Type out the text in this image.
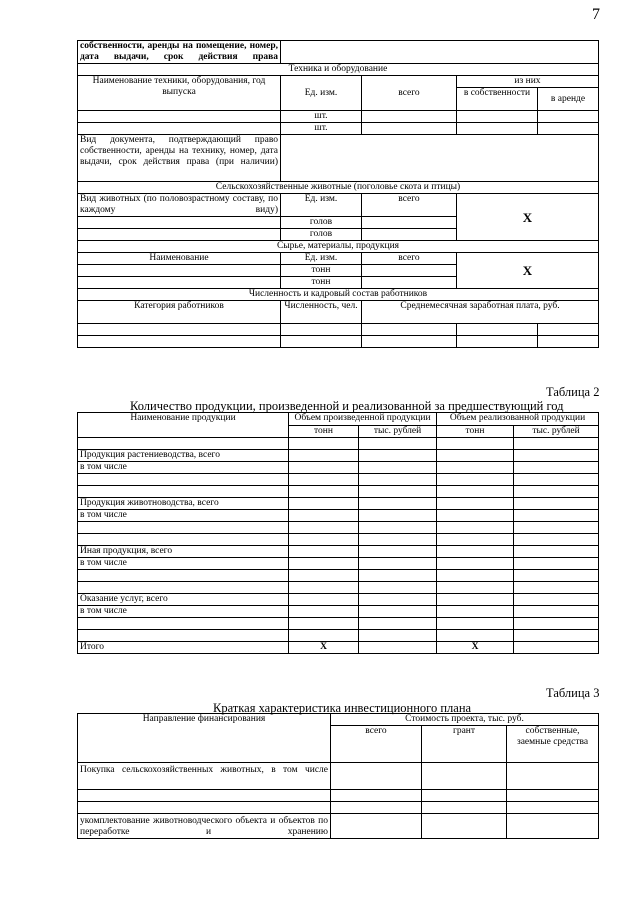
7
собственности, аренды на помещение, номер, дата выдачи, срок действия права				
Техника и оборудование				
Наименование техники, оборудования, год выпуска	Ед. изм.	всего	из них	
			в собственности	в аренде
	шт.			
	шт.			
Вид документа, подтверждающий право собственности, аренды на технику, номер, дата выдачи, срок действия права (при наличии)				
Сельскохозяйственные животные (поголовье скота и птицы)				
Вид животных (по половозрастному составу, по каждому виду)	Ед. изм.	всего	X	
	голов			
	голов			
Сырье, материалы, продукция				
Наименование	Ед. изм.	всего	X	
	тонн			
	тонн			
Численность и кадровый состав работников				
Категория работников	Численность, чел.	Среднемесячная заработная плата, руб.		

Таблица 2
Количество продукции, произведенной и реализованной за предшествующий год
Наименование продукции	Объем произведенной продукции		Объем реализованной продукции	
	тонн	тыс. рублей	тонн	тыс. рублей

Продукция растениеводства, всего				
в том числе				

Продукция животноводства, всего				
в том числе				

Иная продукция, всего				
в том числе				

Оказание услуг, всего				
в том числе				

Итого	X		X	
Таблица 3
Краткая характеристика инвестиционного плана
Направление финансирования	Стоимость проекта, тыс. руб.		
	всего	грант	собственные, заемные средства
Покупка сельскохозяйственных животных, в том числе			

укомплектование животноводческого объекта и объектов по переработке и хранению			
